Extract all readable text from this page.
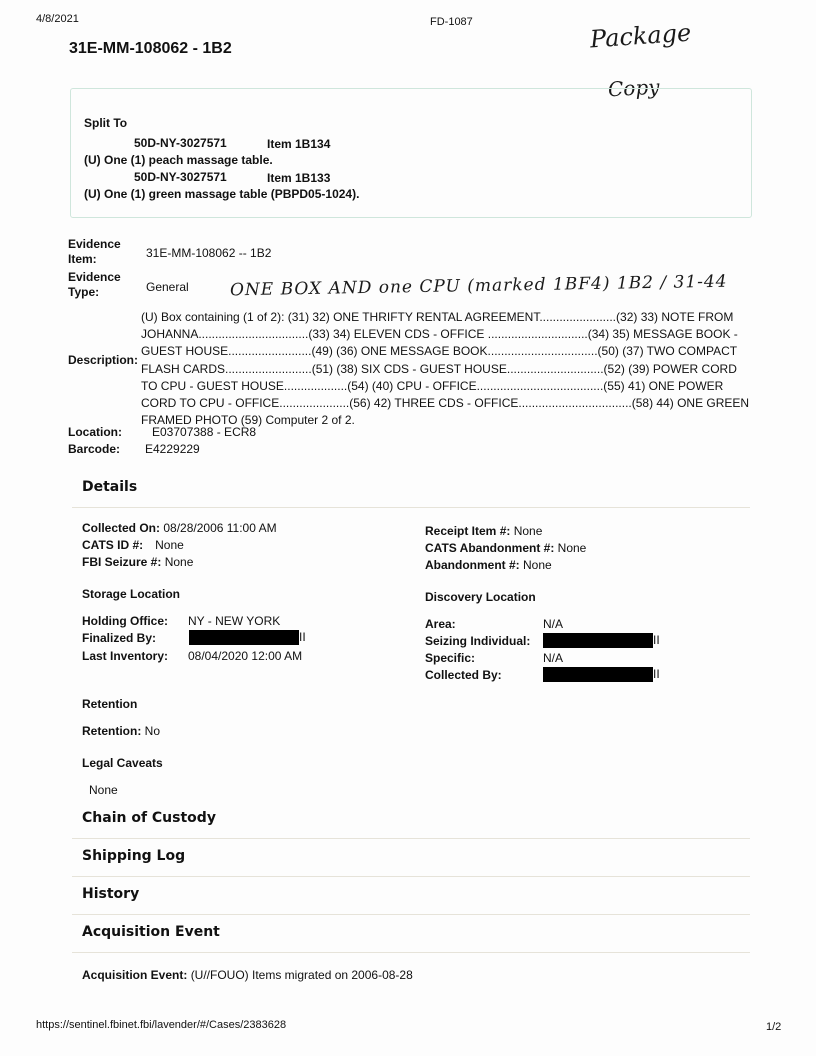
4/8/2021	FD-1087
31E-MM-108062 - 1B2	Package
Copy
Split To
50D-NY-3027571	Item 1B134
(U) One (1) peach massage table.
50D-NY-3027571	Item 1B133
(U) One (1) green massage table (PBPD05-1024).
Evidence
Item:	31E-MM-108062 -- 1B2
Evidence
Type:	General ONE BOX AND one CPU (marked 1BF4) 1B2 / 31-44
Description:
(U) Box containing (1 of 2): (31) 32) ONE THRIFTY RENTAL AGREEMENT.......................(32) 33) NOTE FROM JOHANNA.................................(33) 34) ELEVEN CDS - OFFICE ..............................(34) 35) MESSAGE BOOK - GUEST HOUSE.........................(49) (36) ONE MESSAGE BOOK.................................(50) (37) TWO COMPACT FLASH CARDS..........................(51) (38) SIX CDS - GUEST HOUSE.............................(52) (39) POWER CORD TO CPU - GUEST HOUSE...................(54) (40) CPU - OFFICE......................................(55) 41) ONE POWER CORD TO CPU - OFFICE.....................(56) 42) THREE CDS - OFFICE..................................(58) 44) ONE GREEN FRAMED PHOTO (59) Computer 2 of 2.
Location:	E03707388 - ECR8
Barcode: E4229229
Details
Collected On: 08/28/2006 11:00 AM
CATS ID #: None
FBI Seizure #: None
Receipt Item #: None
CATS Abandonment #: None
Abandonment #: None
Storage Location	Discovery Location
Holding Office: NY - NEW YORK
Finalized By:	II
Last Inventory: 08/04/2020 12:00 AM
Area:	N/A
Seizing Individual:	II
Specific:	N/A
Collected By:	II
Retention
Retention: No
Legal Caveats
None
Chain of Custody
Shipping Log
History
Acquisition Event
Acquisition Event: (U//FOUO) Items migrated on 2006-08-28
https://sentinel.fbinet.fbi/lavender/#/Cases/2383628	1/2
